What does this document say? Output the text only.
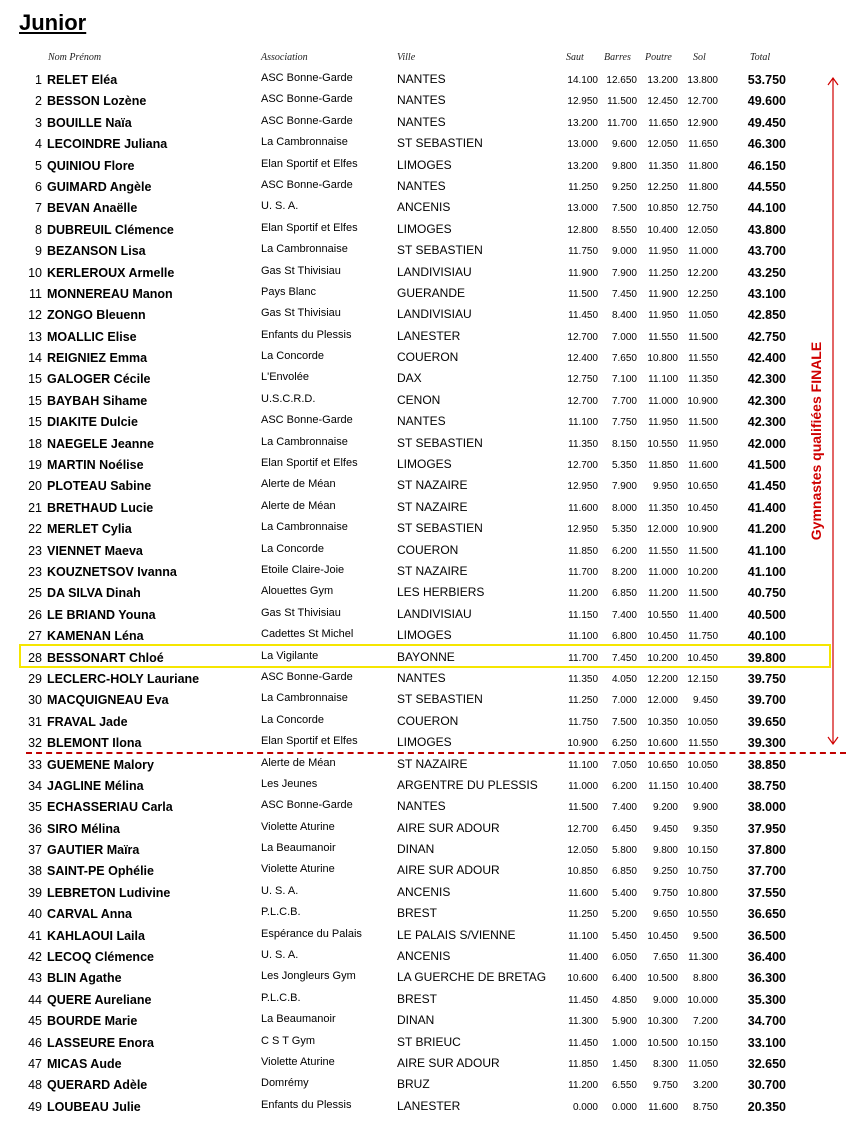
Junior
Nom Prénom	Association	Ville	Saut Barres Poutre Sol	Total
1 RELET Eléa	ASC Bonne-Garde	NANTES	14.100 12.650	13.200 13.800	53.750
2 BESSON Lozène	ASC Bonne-Garde	NANTES	12.950 11.500	12.450 12.700	49.600
3 BOUILLE Naïa	ASC Bonne-Garde	NANTES	13.200 11.700	11.650 12.900	49.450
4 LECOINDRE Juliana	La Cambronnaise	ST SEBASTIEN	13.000	9.600	12.050	11.650	46.300
5 QUINIOU Flore	Elan Sportif et Elfes	LIMOGES	13.200	9.800	11.350	11.800	46.150
6 GUIMARD Angèle	ASC Bonne-Garde	NANTES	11.250	9.250	12.250	11.800	44.550
7 BEVAN Anaëlle	U. S. A.	ANCENIS	13.000	7.500	10.850 12.750	44.100
8 DUBREUIL Clémence	Elan Sportif et Elfes	LIMOGES	12.800	8.550	10.400 12.050	43.800
9 BEZANSON Lisa	La Cambronnaise	ST SEBASTIEN	11.750	9.000	11.950	11.000	43.700
10 KERLEROUX Armelle	Gas St Thivisiau	LANDIVISIAU	11.900	7.900	11.250 12.200	43.250
11 MONNEREAU Manon	Pays Blanc	GUERANDE	11.500	7.450	11.900 12.250	43.100
12 ZONGO Bleuenn	Gas St Thivisiau	LANDIVISIAU	11.450	8.400	11.950	11.050	42.850
13 MOALLIC Elise	Enfants du Plessis	LANESTER	12.700	7.000	11.550	11.500	42.750
14 REIGNIEZ Emma	La Concorde	COUERON	12.400	7.650	10.800	11.550	42.400
15 GALOGER Cécile	L'Envolée	DAX	12.750	7.100	11.100	11.350	42.300
15 BAYBAH Sihame	U.S.C.R.D.	CENON	12.700	7.700	11.000 10.900	42.300
15 DIAKITE Dulcie	ASC Bonne-Garde	NANTES	11.100	7.750	11.950	11.500	42.300
18 NAEGELE Jeanne	La Cambronnaise	ST SEBASTIEN	11.350	8.150	10.550	11.950	42.000
19 MARTIN Noélise	Elan Sportif et Elfes	LIMOGES	12.700	5.350	11.850	11.600	41.500
20 PLOTEAU Sabine	Alerte de Méan	ST NAZAIRE	12.950	7.900	9.950 10.650	41.450
21 BRETHAUD Lucie	Alerte de Méan	ST NAZAIRE	11.600	8.000	11.350 10.450	41.400
22 MERLET Cylia	La Cambronnaise	ST SEBASTIEN	12.950	5.350	12.000 10.900	41.200
23 VIENNET Maeva	La Concorde	COUERON	11.850	6.200	11.550	11.500	41.100
23 KOUZNETSOV Ivanna	Etoile Claire-Joie	ST NAZAIRE	11.700	8.200	11.000 10.200	41.100
25 DA SILVA Dinah	Alouettes Gym	LES HERBIERS	11.200	6.850	11.200	11.500	40.750
26 LE BRIAND Youna	Gas St Thivisiau	LANDIVISIAU	11.150	7.400	10.550	11.400	40.500
27 KAMENAN Léna	Cadettes St Michel	LIMOGES	11.100	6.800	10.450	11.750	40.100
28 BESSONART Chloé	La Vigilante	BAYONNE	11.700	7.450	10.200 10.450	39.800
29 LECLERC-HOLY Lauriane	ASC Bonne-Garde	NANTES	11.350	4.050	12.200 12.150	39.750
30 MACQUIGNEAU Eva	La Cambronnaise	ST SEBASTIEN	11.250	7.000	12.000	9.450	39.700
31 FRAVAL Jade	La Concorde	COUERON	11.750	7.500	10.350 10.050	39.650
32 BLEMONT Ilona	Elan Sportif et Elfes	LIMOGES	10.900	6.250	10.600	11.550	39.300
33 GUEMENE Malory	Alerte de Méan	ST NAZAIRE	11.100	7.050	10.650 10.050	38.850
34 JAGLINE Mélina	Les Jeunes	ARGENTRE DU PLESSIS	11.000	6.200	11.150 10.400	38.750
35 ECHASSERIAU Carla	ASC Bonne-Garde	NANTES	11.500	7.400	9.200	9.900	38.000
36 SIRO Mélina	Violette Aturine	AIRE SUR ADOUR	12.700	6.450	9.450	9.350	37.950
37 GAUTIER Maïra	La Beaumanoir	DINAN	12.050	5.800	9.800 10.150	37.800
38 SAINT-PE Ophélie	Violette Aturine	AIRE SUR ADOUR	10.850	6.850	9.250 10.750	37.700
39 LEBRETON Ludivine	U. S. A.	ANCENIS	11.600	5.400	9.750 10.800	37.550
40 CARVAL Anna	P.L.C.B.	BREST	11.250	5.200	9.650 10.550	36.650
41 KAHLAOUI Laila	Espérance du Palais	LE PALAIS S/VIENNE	11.100	5.450	10.450	9.500	36.500
42 LECOQ Clémence	U. S. A.	ANCENIS	11.400	6.050	7.650	11.300	36.400
43 BLIN Agathe	Les Jongleurs Gym	LA GUERCHE DE BRETAG	10.600	6.400	10.500	8.800	36.300
44 QUERE Aureliane	P.L.C.B.	BREST	11.450	4.850	9.000 10.000	35.300
45 BOURDE Marie	La Beaumanoir	DINAN	11.300	5.900	10.300	7.200	34.700
46 LASSEURE Enora	C S T Gym	ST BRIEUC	11.450	1.000	10.500 10.150	33.100
47 MICAS Aude	Violette Aturine	AIRE SUR ADOUR	11.850	1.450	8.300	11.050	32.650
48 QUERARD Adèle	Domrémy	BRUZ	11.200	6.550	9.750	3.200	30.700
49 LOUBEAU Julie	Enfants du Plessis	LANESTER	0.000	0.000	11.600	8.750	20.350
Gymnastes qualifiées FINALE
